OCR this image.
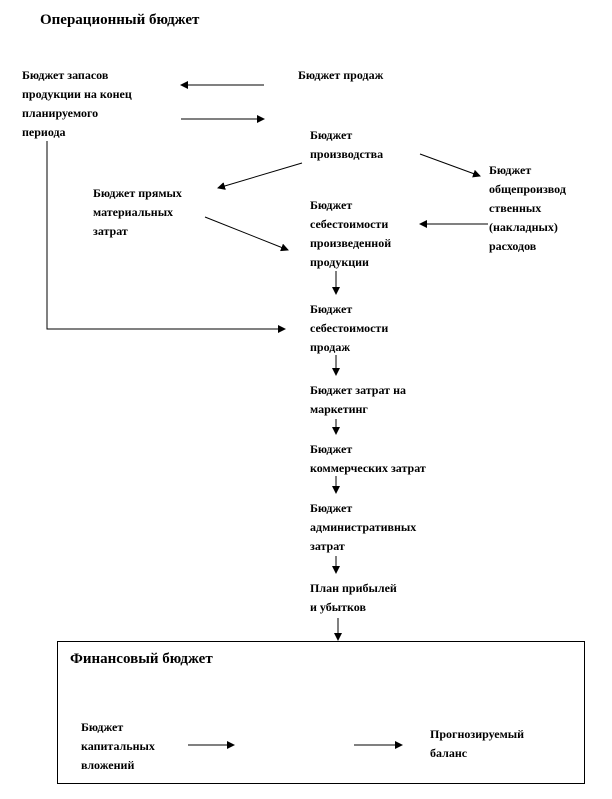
Операционный бюджет
Бюджет запасов
продукции на конец
планируемого
периода
Бюджет продаж
Бюджет
производства
Бюджет
общепроизвод
ственных
(накладных)
расходов
Бюджет прямых
материальных
затрат
Бюджет
себестоимости
произведенной
продукции
Бюджет
себестоимости
продаж
Бюджет затрат на
маркетинг
Бюджет
коммерческих затрат
Бюджет
административных
затрат
План прибылей
и убытков
Финансовый бюджет
Бюджет
капитальных
вложений
Прогнозируемый
баланс
